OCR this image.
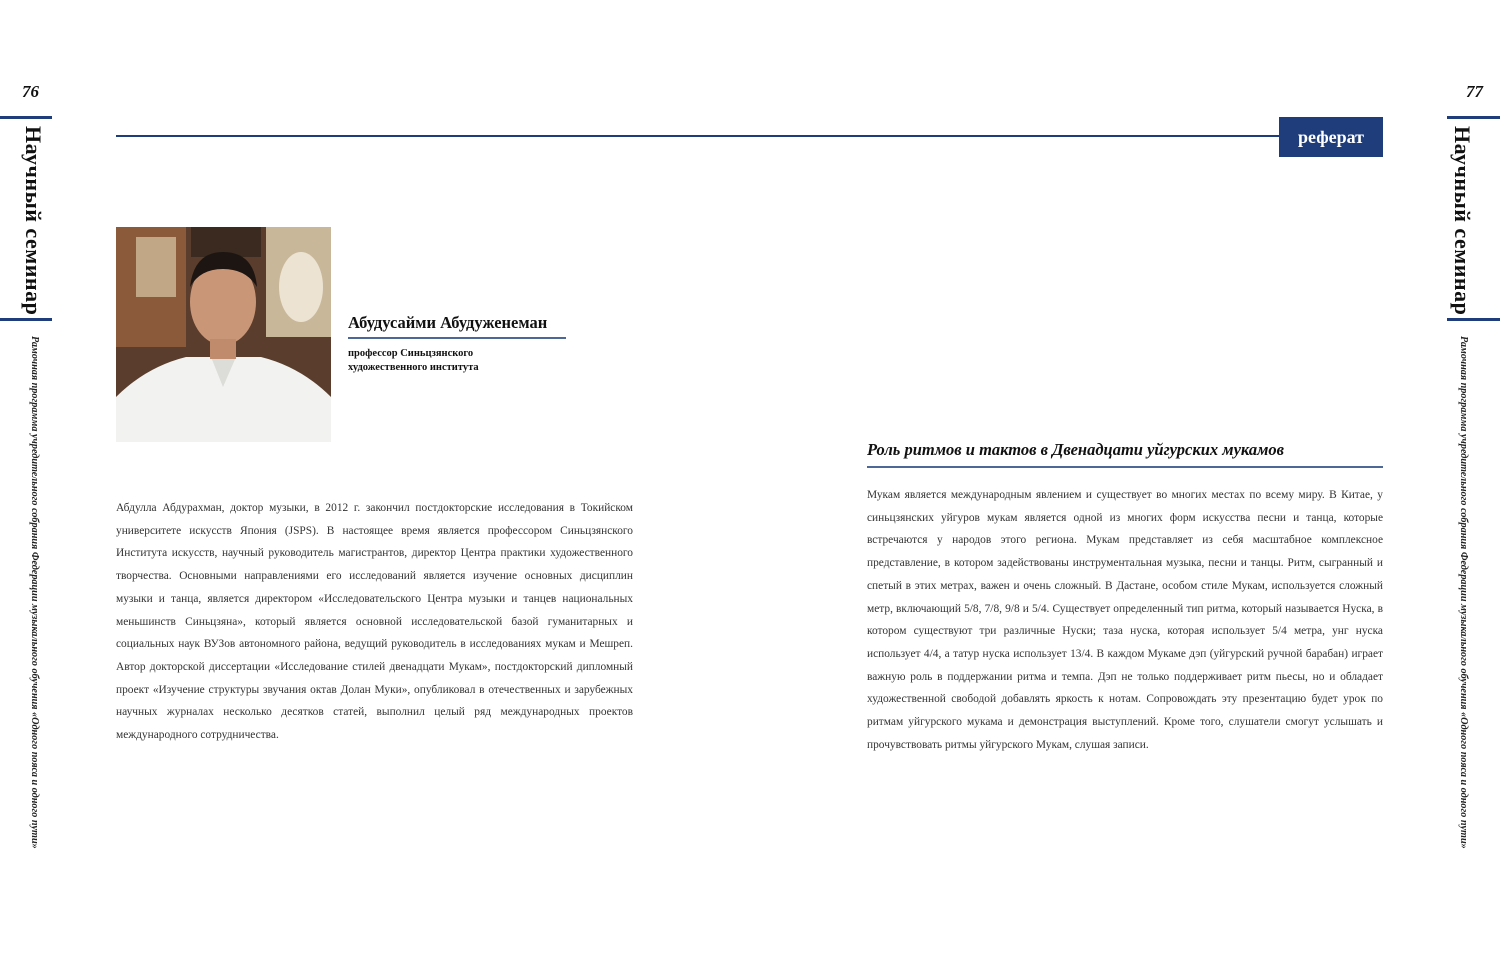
76
Научный семинар
Рамочная программа учредительного собрания Федерации музыкального обучения «Одного пояса и одного пути»
77
Научный семинар
Рамочная программа учредительного собрания Федерации музыкального обучения «Одного пояса и одного пути»
реферат
Абудусайми Абудуженеман
профессор Синьцзянского художественного института
Абдулла Абдурахман, доктор музыки, в 2012 г. закончил постдокторские исследования в Токийском университете искусств Япония (JSPS). В настоящее время является профессором Синьцзянского Института искусств, научный руководитель магистрантов, директор Центра практики художественного творчества. Основными направлениями его исследований является изучение основных дисциплин музыки и танца, является директором «Исследовательского Центра музыки и танцев национальных меньшинств Синьцзяна», который является основной исследовательской базой гуманитарных и социальных наук ВУЗов автономного района, ведущий руководитель в исследованиях мукам и Мешреп. Автор докторской диссертации «Исследование стилей двенадцати Мукам», постдокторский дипломный проект «Изучение структуры звучания октав Долан Муки», опубликовал в отечественных и зарубежных научных журналах несколько десятков статей, выполнил целый ряд международных проектов международного сотрудничества.
Роль ритмов и тактов в Двенадцати уйгурских мукамов
Мукам является международным явлением и существует во многих местах по всему миру. В Китае, у синьцзянских уйгуров мукам является одной из многих форм искусства песни и танца, которые встречаются у народов этого региона. Мукам представляет из себя масштабное комплексное представление, в котором задействованы инструментальная музыка, песни и танцы. Ритм, сыгранный и спетый в этих метрах, важен и очень сложный. В Дастане, особом стиле Мукам, используется сложный метр, включающий 5/8, 7/8, 9/8 и 5/4. Существует определенный тип ритма, который называется Нуска, в котором существуют три различные Нуски; таза нуска, которая использует 5/4 метра, унг нуска использует 4/4, а татур нуска использует 13/4. В каждом Мукаме дэп (уйгурский ручной барабан) играет важную роль в поддержании ритма и темпа. Дэп не только поддерживает ритм пьесы, но и обладает художественной свободой добавлять яркость к нотам. Сопровождать эту презентацию будет урок по ритмам уйгурского мукама и демонстрация выступлений. Кроме того, слушатели смогут услышать и прочувствовать ритмы уйгурского Мукам, слушая записи.
